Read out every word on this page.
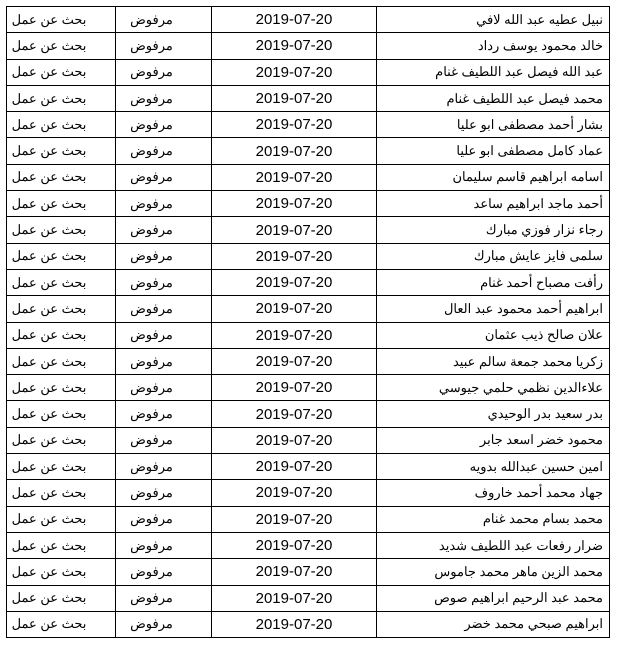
بحث عن عمل	مرفوض	2019-07-20	نبيل عطيه عبد الله لافي
بحث عن عمل	مرفوض	2019-07-20	خالد محمود يوسف رداد
بحث عن عمل	مرفوض	2019-07-20	عبد الله فيصل عبد اللطيف غنام
بحث عن عمل	مرفوض	2019-07-20	محمد فيصل عبد اللطيف غنام
بحث عن عمل	مرفوض	2019-07-20	بشار أحمد مصطفى ابو عليا
بحث عن عمل	مرفوض	2019-07-20	عماد كامل مصطفى ابو عليا
بحث عن عمل	مرفوض	2019-07-20	اسامه ابراهيم قاسم سليمان
بحث عن عمل	مرفوض	2019-07-20	أحمد ماجد ابراهيم ساعد
بحث عن عمل	مرفوض	2019-07-20	رجاء نزار فوزي مبارك
بحث عن عمل	مرفوض	2019-07-20	سلمى فايز عايش مبارك
بحث عن عمل	مرفوض	2019-07-20	رأفت مصباح أحمد غنام
بحث عن عمل	مرفوض	2019-07-20	ابراهيم أحمد محمود عبد العال
بحث عن عمل	مرفوض	2019-07-20	علان صالح ذيب عثمان
بحث عن عمل	مرفوض	2019-07-20	زكريا محمد جمعة سالم عبيد
بحث عن عمل	مرفوض	2019-07-20	علاءالدين نظمي حلمي جيوسي
بحث عن عمل	مرفوض	2019-07-20	بدر سعيد بدر الوحيدي
بحث عن عمل	مرفوض	2019-07-20	محمود خضر اسعد جابر
بحث عن عمل	مرفوض	2019-07-20	امين حسين عبدالله بدويه
بحث عن عمل	مرفوض	2019-07-20	جهاد محمد أحمد خاروف
بحث عن عمل	مرفوض	2019-07-20	محمد بسام محمد غنام
بحث عن عمل	مرفوض	2019-07-20	ضرار رفعات عبد اللطيف شديد
بحث عن عمل	مرفوض	2019-07-20	محمد الزين ماهر محمد جاموس
بحث عن عمل	مرفوض	2019-07-20	محمد عبد الرحيم ابراهيم صوص
بحث عن عمل	مرفوض	2019-07-20	ابراهيم صبحي محمد خضر
